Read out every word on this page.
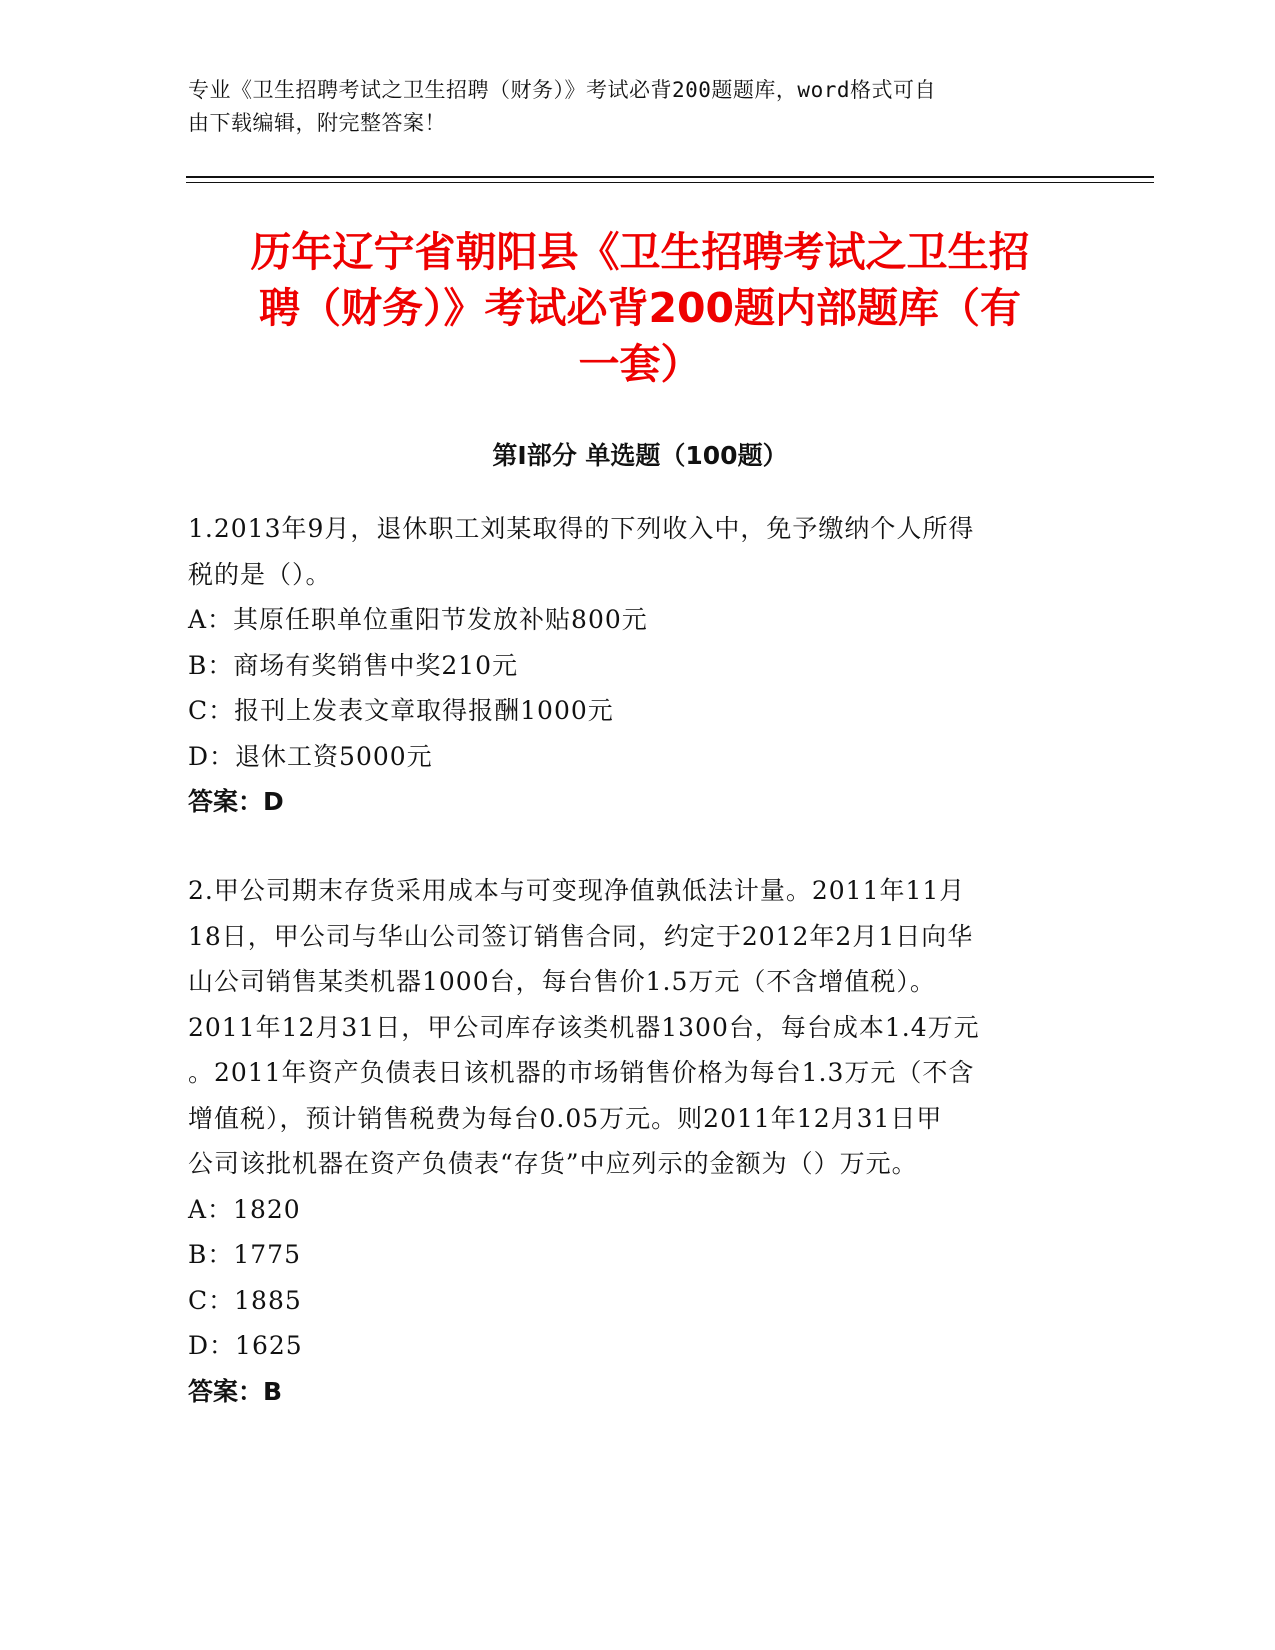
专业《卫生招聘考试之卫生招聘（财务）》考试必背200题题库，word格式可自
由下载编辑，附完整答案！
历年辽宁省朝阳县《卫生招聘考试之卫生招
聘（财务）》考试必背200题内部题库（有
一套）
第I部分 单选题（100题）
1.2013年9月，退休职工刘某取得的下列收入中，免予缴纳个人所得
税的是（）。
A：其原任职单位重阳节发放补贴800元
B：商场有奖销售中奖210元
C：报刊上发表文章取得报酬1000元
D：退休工资5000元
答案：D
2.甲公司期末存货采用成本与可变现净值孰低法计量。2011年11月
18日，甲公司与华山公司签订销售合同，约定于2012年2月1日向华
山公司销售某类机器1000台，每台售价1.5万元（不含增值税）。
2011年12月31日，甲公司库存该类机器1300台，每台成本1.4万元
。2011年资产负债表日该机器的市场销售价格为每台1.3万元（不含
增值税），预计销售税费为每台0.05万元。则2011年12月31日甲
公司该批机器在资产负债表“存货”中应列示的金额为（）万元。
A：1820
B：1775
C：1885
D：1625
答案：B
